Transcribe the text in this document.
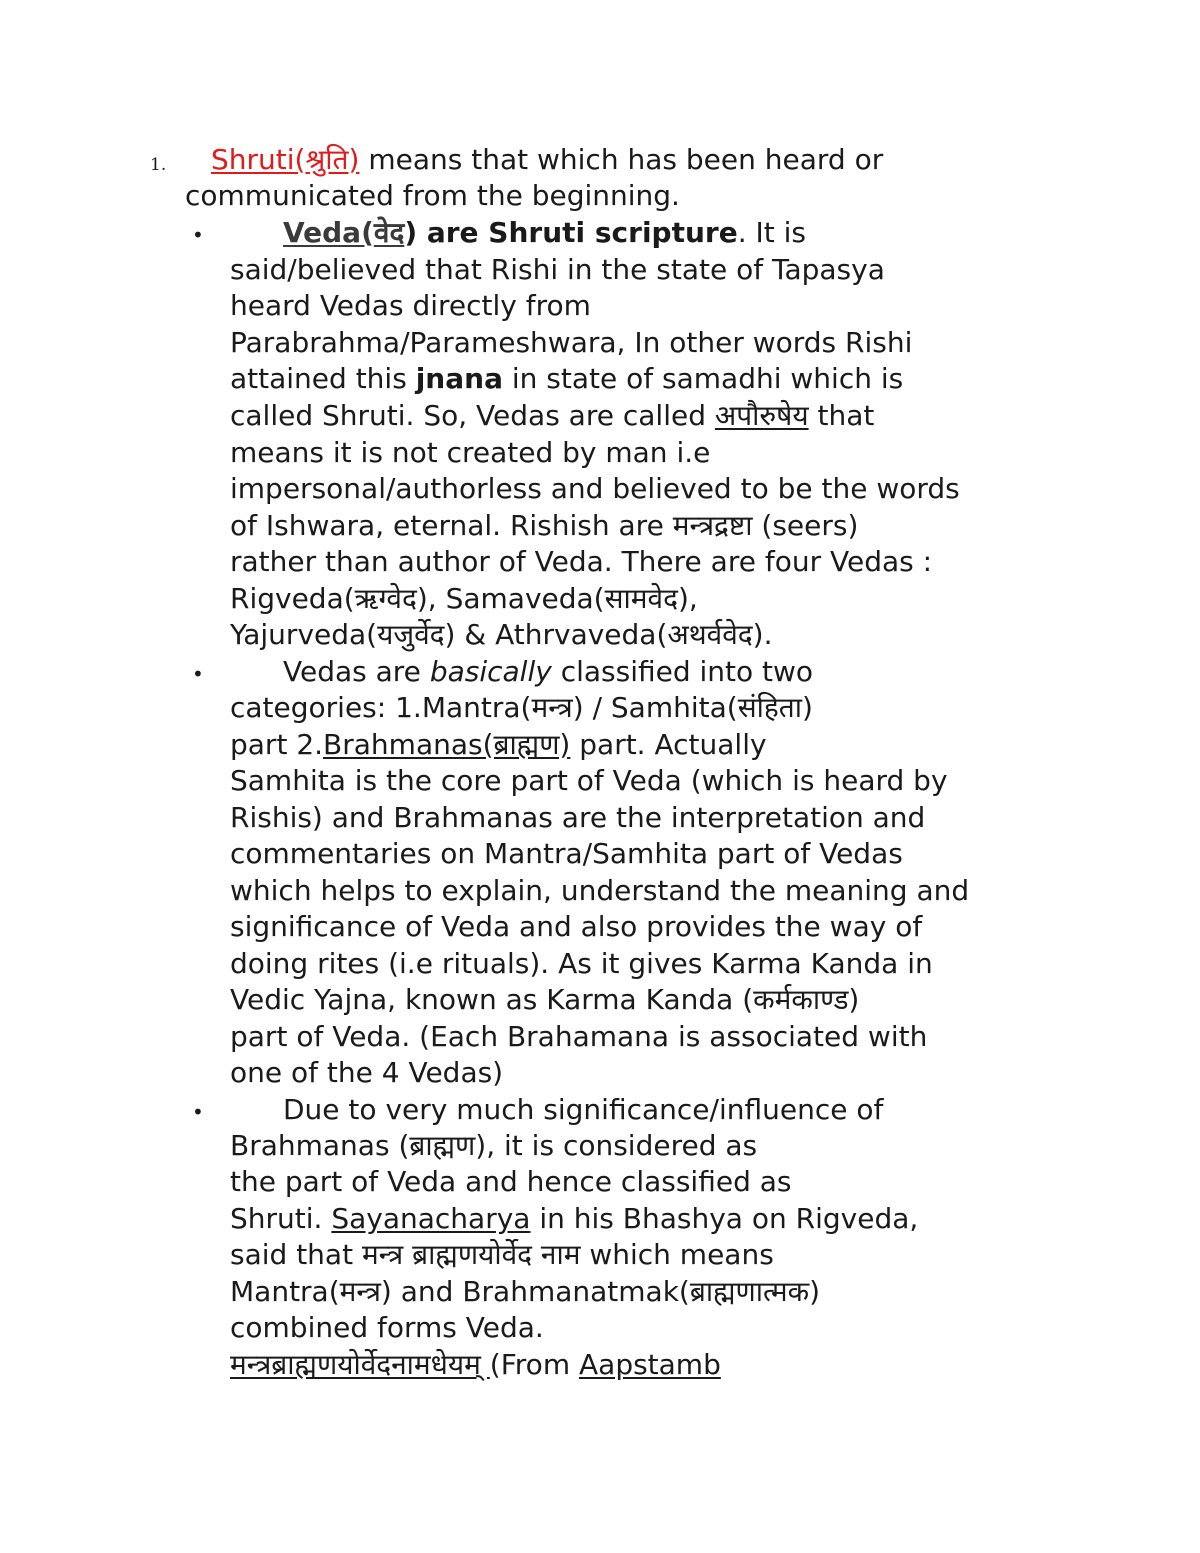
1. Shruti(श्रुति) means that which has been heard or
communicated from the beginning.
•	Veda(वेद) are Shruti scripture. It is
said/believed that Rishi in the state of Tapasya
heard Vedas directly from
Parabrahma/Parameshwara, In other words Rishi
attained this jnana in state of samadhi which is
called Shruti. So, Vedas are called अपौरुषेय that
means it is not created by man i.e
impersonal/authorless and believed to be the words
of Ishwara, eternal. Rishish are मन्त्रद्रष्टा (seers)
rather than author of Veda. There are four Vedas :
Rigveda(ऋग्वेद), Samaveda(सामवेद),
Yajurveda(यजुर्वेद) & Athrvaveda(अथर्ववेद).
•	Vedas are basically classified into two
categories: 1.Mantra(मन्त्र) / Samhita(संहिता)
part 2.Brahmanas(ब्राह्मण) part. Actually
Samhita is the core part of Veda (which is heard by
Rishis) and Brahmanas are the interpretation and
commentaries on Mantra/Samhita part of Vedas
which helps to explain, understand the meaning and
significance of Veda and also provides the way of
doing rites (i.e rituals). As it gives Karma Kanda in
Vedic Yajna, known as Karma Kanda (कर्मकाण्ड)
part of Veda. (Each Brahamana is associated with
one of the 4 Vedas)
•	Due to very much significance/influence of
Brahmanas (ब्राह्मण), it is considered as
the part of Veda and hence classified as
Shruti. Sayanacharya in his Bhashya on Rigveda,
said that मन्त्र ब्राह्मणयोर्वेद नाम which means
Mantra(मन्त्र) and Brahmanatmak(ब्राह्मणात्मक)
combined forms Veda.
मन्त्रब्राह्मणयोर्वेदनामधेयम् (From Aapstamb
